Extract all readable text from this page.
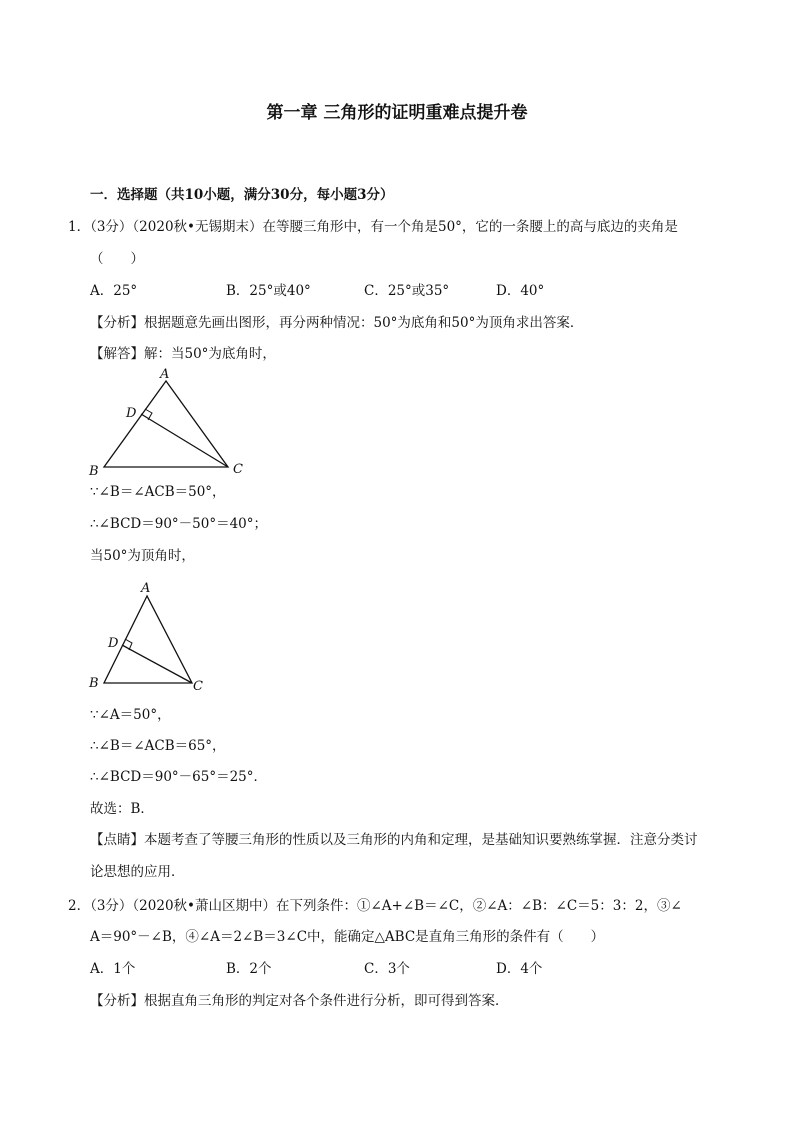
第一章 三角形的证明重难点提升卷
一．选择题（共10小题，满分30分，每小题3分）
1．（3分）（2020秋•无锡期末）在等腰三角形中，有一个角是50°，它的一条腰上的高与底边的夹角是
（　　）
A．25°	B．25°或40°	C．25°或35°	D．40°
【分析】根据题意先画出图形，再分两种情况：50°为底角和50°为顶角求出答案．
【解答】解：当50°为底角时，
A
D
B	C
∵∠B＝∠ACB＝50°，
∴∠BCD＝90°－50°＝40°；
当50°为顶角时，
A
D
B	C
∵∠A＝50°，
∴∠B＝∠ACB＝65°，
∴∠BCD＝90°－65°＝25°．
故选：B．
【点睛】本题考查了等腰三角形的性质以及三角形的内角和定理，是基础知识要熟练掌握．注意分类讨
论思想的应用．
2．（3分）（2020秋•萧山区期中）在下列条件：①∠A+∠B＝∠C，②∠A：∠B：∠C＝5：3：2，③∠
A＝90°－∠B，④∠A＝2∠B＝3∠C中，能确定△ABC是直角三角形的条件有（　　）
A．1个	B．2个	C．3个	D．4个
【分析】根据直角三角形的判定对各个条件进行分析，即可得到答案．
